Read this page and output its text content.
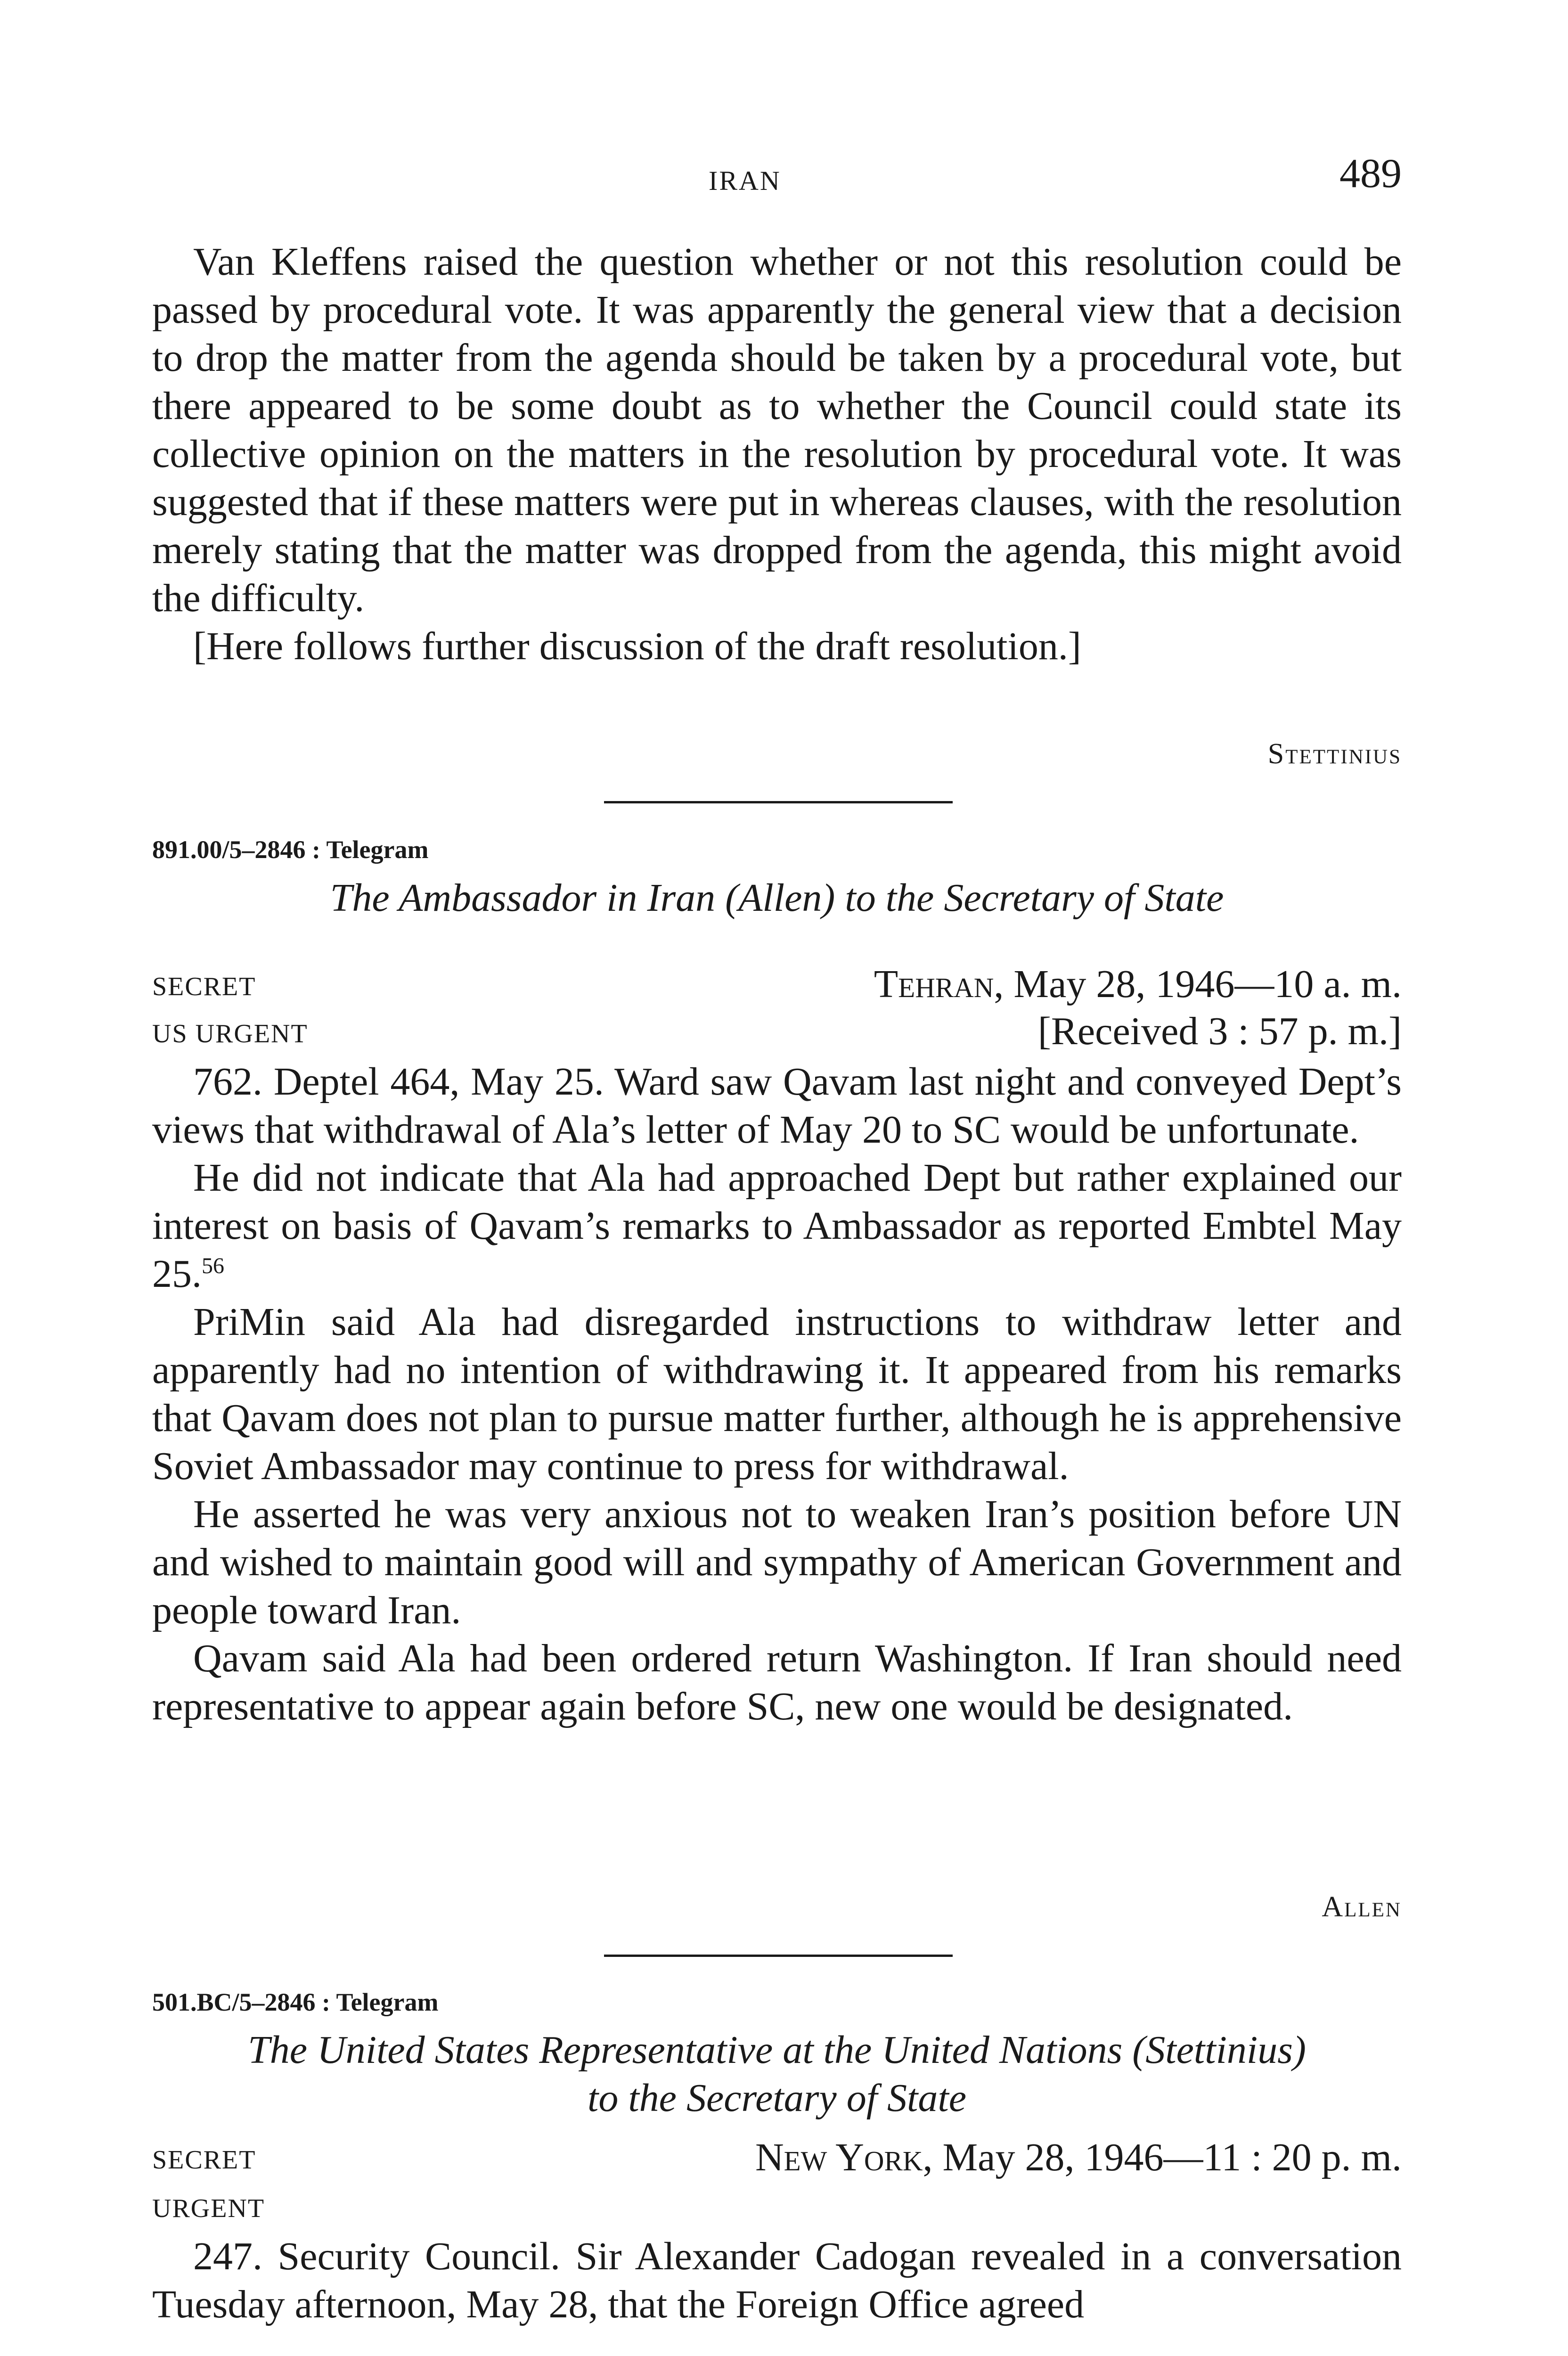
IRAN	489

Van Kleffens raised the question whether or not this resolution could be passed by procedural vote. It was apparently the general view that a decision to drop the matter from the agenda should be taken by a procedural vote, but there appeared to be some doubt as to whether the Council could state its collective opinion on the matters in the resolution by procedural vote. It was suggested that if these matters were put in whereas clauses, with the resolution merely stating that the matter was dropped from the agenda, this might avoid the difficulty.

[Here follows further discussion of the draft resolution.]

Stettinius
891.00/5–2846 : Telegram
The Ambassador in Iran (Allen) to the Secretary of State
SECRET	Tehran, May 28, 1946—10 a. m.
US URGENT	[Received 3 : 57 p. m.]

762. Deptel 464, May 25. Ward saw Qavam last night and conveyed Dept’s views that withdrawal of Ala’s letter of May 20 to SC would be unfortunate.

He did not indicate that Ala had approached Dept but rather explained our interest on basis of Qavam’s remarks to Ambassador as reported Embtel May 25.56

PriMin said Ala had disregarded instructions to withdraw letter and apparently had no intention of withdrawing it. It appeared from his remarks that Qavam does not plan to pursue matter further, although he is apprehensive Soviet Ambassador may continue to press for withdrawal.

He asserted he was very anxious not to weaken Iran’s position before UN and wished to maintain good will and sympathy of American Government and people toward Iran.

Qavam said Ala had been ordered return Washington. If Iran should need representative to appear again before SC, new one would be designated.

Allen
501.BC/5–2846 : Telegram
The United States Representative at the United Nations (Stettinius)
to the Secretary of State
SECRET	New York, May 28, 1946—11 : 20 p. m.
URGENT

247. Security Council. Sir Alexander Cadogan revealed in a conversation Tuesday afternoon, May 28, that the Foreign Office agreed
